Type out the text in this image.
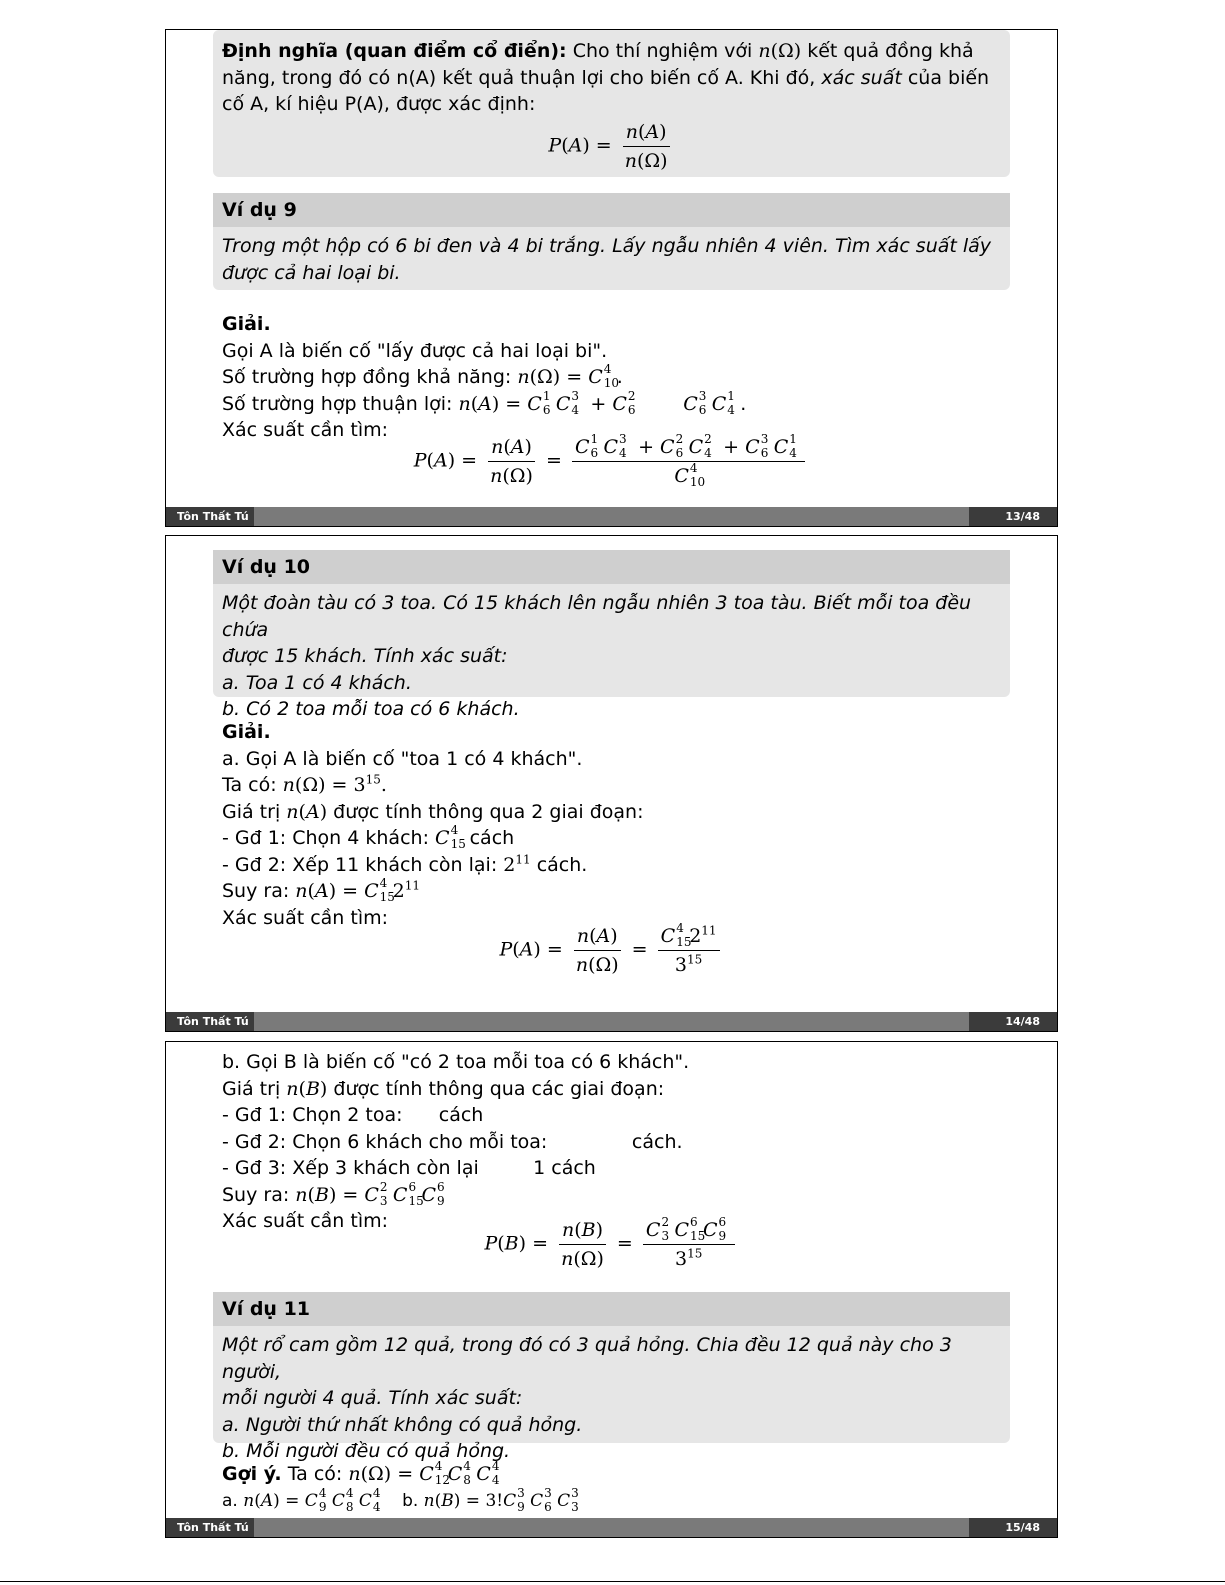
Định nghĩa (quan điểm cổ điển): Cho thí nghiệm với n(Ω) kết quả đồng khả năng, trong đó có n(A) kết quả thuận lợi cho biến cố A. Khi đó, xác suất của biến cố A, kí hiệu P(A), được xác định:
$P(A) = \frac{n(A)}{n(\Omega)}$
Ví dụ 9
Trong một hộp có 6 bi đen và 4 bi trắng. Lấy ngẫu nhiên 4 viên. Tìm xác suất lấy được cả hai loại bi.
Giải.
Gọi A là biến cố "lấy được cả hai loại bi".
Số trường hợp đồng khả năng: n(Ω) = C 4
10
.
Số trường hợp thuận lợi: n(A) = C 1
6 C 3
4 + C 2
6	C 3
6 C 1
4 .
Xác suất cần tìm:
$P(A) = \frac{n(A)}{n(\Omega)} = C$ 1
6 C 3
4 + C 2
6 C 2
4 + C 3
6 C 1
4
C 4
10
Tôn Thất Tú	13/48
Ví dụ 10
Một đoàn tàu có 3 toa. Có 15 khách lên ngẫu nhiên 3 toa tàu. Biết mỗi toa đều chứa
được 15 khách. Tính xác suất:
a. Toa 1 có 4 khách.
b. Có 2 toa mỗi toa có 6 khách.
Giải.
a. Gọi A là biến cố "toa 1 có 4 khách".
Ta có: $n(\Omega) = 3^{15}$.
Giá trị n(A) được tính thông qua 2 giai đoạn:
- Gđ 1: Chọn 4 khách: C 4
15 cách
- Gđ 2: Xếp 11 khách còn lại: $2^{11}$ cách.
Suy ra: n(A) = C 4
15
$2^{11}$
Xác suất cần tìm:
$P(A) = \frac{n(A)}{n(\Omega)} = C$ 4
15
$2^{11}$
$3^{15}$
Tôn Thất Tú	14/48
b. Gọi B là biến cố "có 2 toa mỗi toa có 6 khách".
Giá trị n(B) được tính thông qua các giai đoạn:
- Gđ 1: Chọn 2 toa: cách
- Gđ 2: Chọn 6 khách cho mỗi toa:	cách.
- Gđ 3: Xếp 3 khách còn lại	1 cách
Suy ra: n(B) = C 2
3 C 6
15
C 6
9
Xác suất cần tìm:
$P(B) = \frac{n(B)}{n(\Omega)} = C$ 2
3 C 6
15
C 6
9
$3^{15}$
Ví dụ 11
Một rổ cam gồm 12 quả, trong đó có 3 quả hỏng. Chia đều 12 quả này cho 3 người,
mỗi người 4 quả. Tính xác suất:
a. Người thứ nhất không có quả hỏng.
b. Mỗi người đều có quả hỏng.
Gợi ý. Ta có: n(Ω) = C 4
12
C 4
8 C 4
4
a. n(A) = C 4
9 C 4
8 C 4
4 b. n(B) = 3!C 3
9 C 3
6 C 3
3
Tôn Thất Tú	15/48
